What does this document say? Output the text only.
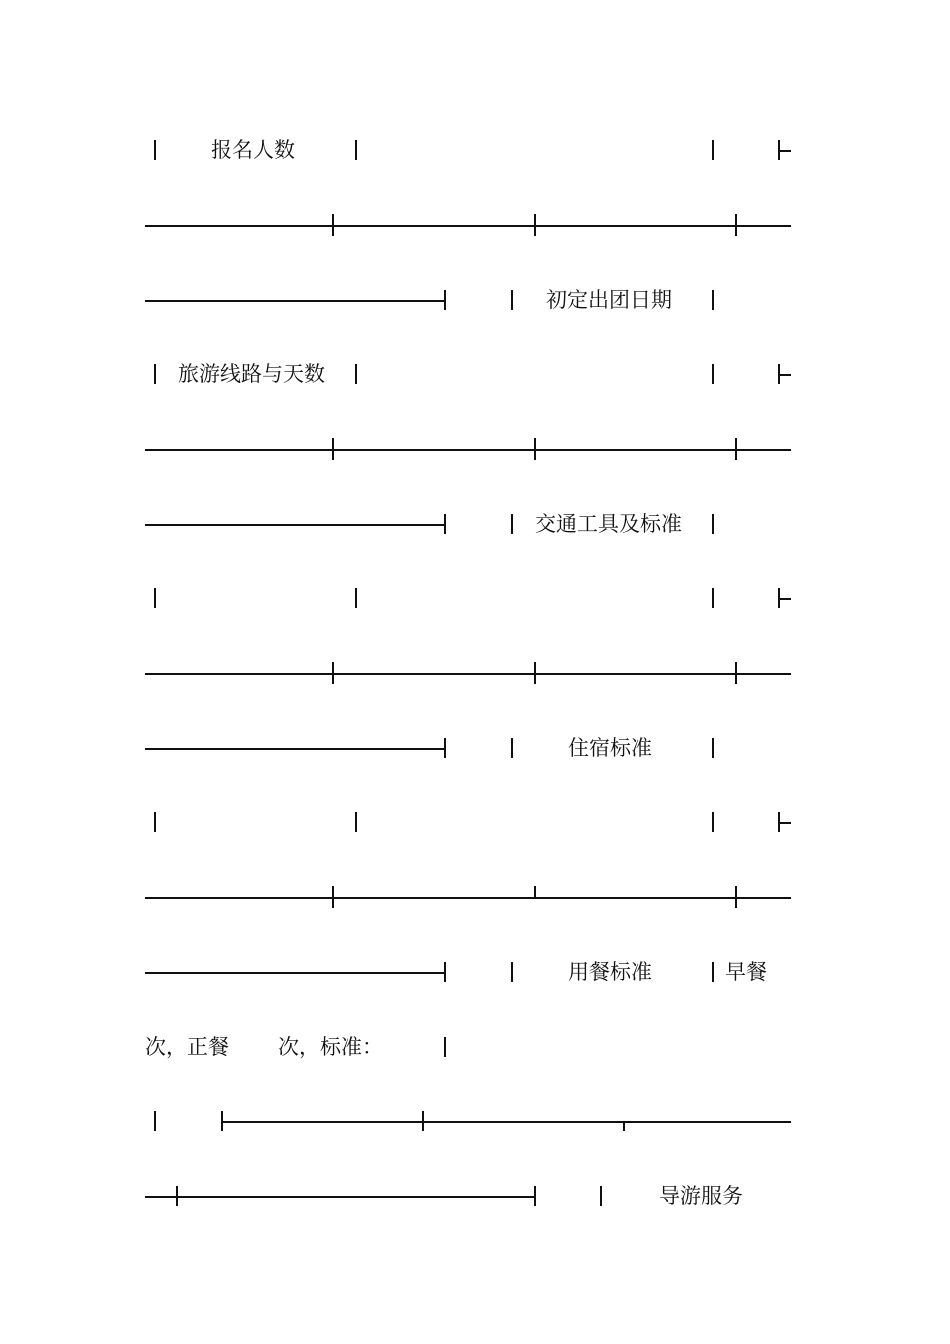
报名人数
初定出团日期
旅游线路与天数
交通工具及标准
住宿标准
用餐标准	早餐
次，正餐 次，标准：
导游服务
